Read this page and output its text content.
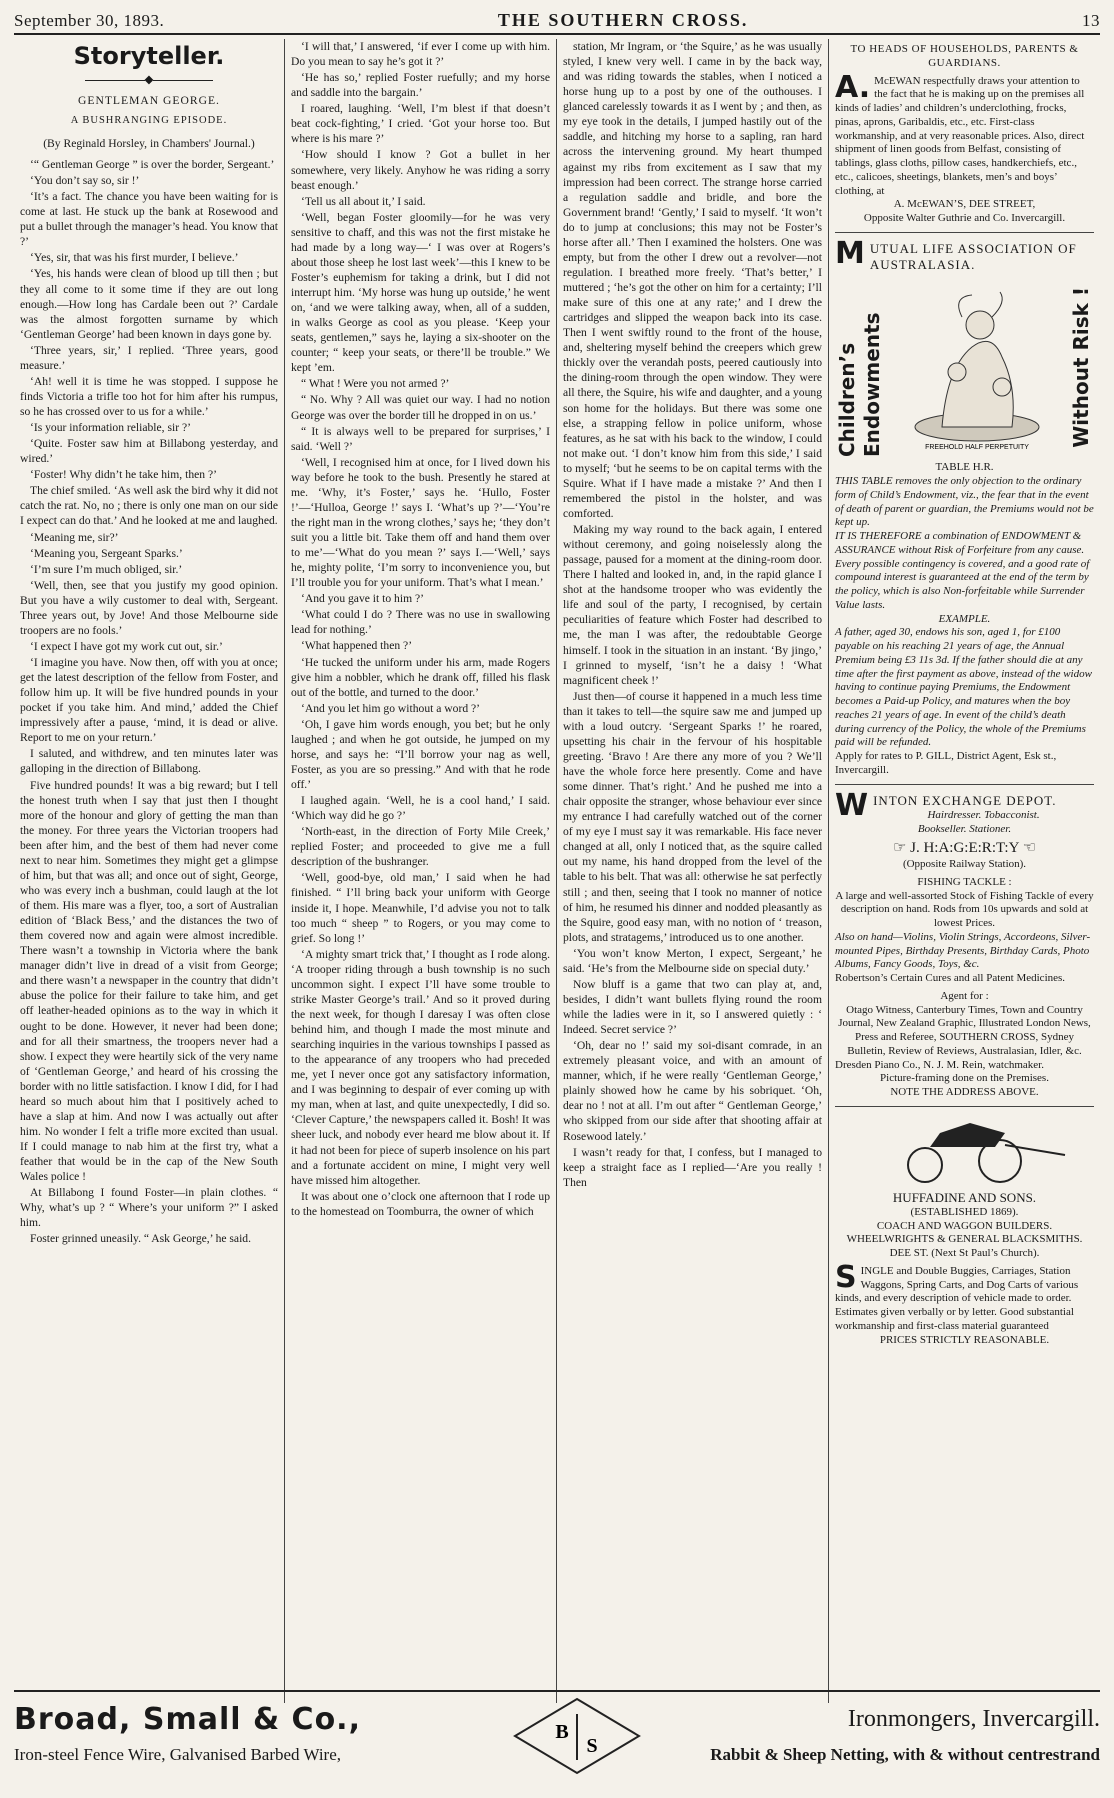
September 30, 1893.	THE SOUTHERN CROSS.	13

Storyteller.

◆

GENTLEMAN GEORGE.

A BUSHRANGING EPISODE.

(By Reginald Horsley, in Chambers' Journal.)

‘“ Gentleman George ” is over the border, Sergeant.’

‘You don’t say so, sir !’

‘It’s a fact. The chance you have been waiting for is come at last. He stuck up the bank at Rosewood and put a bullet through the manager’s head. You know that ?’

‘Yes, sir, that was his first murder, I believe.’

‘Yes, his hands were clean of blood up till then ; but they all come to it some time if they are out long enough.—How long has Cardale been out ?’ Cardale was the almost forgotten surname by which ‘Gentleman George’ had been known in days gone by.

‘Three years, sir,’ I replied. ‘Three years, good measure.’

‘Ah! well it is time he was stopped. I suppose he finds Victoria a trifle too hot for him after his rumpus, so he has crossed over to us for a while.’

‘Is your information reliable, sir ?’

‘Quite. Foster saw him at Billabong yesterday, and wired.’

‘Foster! Why didn’t he take him, then ?’

The chief smiled. ‘As well ask the bird why it did not catch the rat. No, no ; there is only one man on our side I expect can do that.’ And he looked at me and laughed.

‘Meaning me, sir?’

‘Meaning you, Sergeant Sparks.’

‘I’m sure I’m much obliged, sir.’

‘Well, then, see that you justify my good opinion. But you have a wily customer to deal with, Sergeant. Three years out, by Jove! And those Melbourne side troopers are no fools.’

‘I expect I have got my work cut out, sir.’

‘I imagine you have. Now then, off with you at once; get the latest description of the fellow from Foster, and follow him up. It will be five hundred pounds in your pocket if you take him. And mind,’ added the Chief impressively after a pause, ‘mind, it is dead or alive. Report to me on your return.’

I saluted, and withdrew, and ten minutes later was galloping in the direction of Billabong.

Five hundred pounds! It was a big reward; but I tell the honest truth when I say that just then I thought more of the honour and glory of getting the man than the money. For three years the Victorian troopers had been after him, and the best of them had never come next to near him. Sometimes they might get a glimpse of him, but that was all; and once out of sight, George, who was every inch a bushman, could laugh at the lot of them. His mare was a flyer, too, a sort of Australian edition of ‘Black Bess,’ and the distances the two of them covered now and again were almost incredible. There wasn’t a township in Victoria where the bank manager didn’t live in dread of a visit from George; and there wasn’t a newspaper in the country that didn’t abuse the police for their failure to take him, and get off leather-headed opinions as to the way in which it ought to be done. However, it never had been done; and for all their smartness, the troopers never had a show. I expect they were heartily sick of the very name of ‘Gentleman George,’ and heard of his crossing the border with no little satisfaction. I know I did, for I had heard so much about him that I positively ached to have a slap at him. And now I was actually out after him. No wonder I felt a trifle more excited than usual. If I could manage to nab him at the first try, what a feather that would be in the cap of the New South Wales police !

At Billabong I found Foster—in plain clothes. “ Why, what’s up ? “ Where’s your uniform ?” I asked him.

Foster grinned uneasily. “ Ask George,’ he said.

‘I will that,’ I answered, ‘if ever I come up with him. Do you mean to say he’s got it ?’

‘He has so,’ replied Foster ruefully; and my horse and saddle into the bargain.’

I roared, laughing. ‘Well, I’m blest if that doesn’t beat cock-fighting,’ I cried. ‘Got your horse too. But where is his mare ?’

‘How should I know ? Got a bullet in her somewhere, very likely. Anyhow he was riding a sorry beast enough.’

‘Tell us all about it,’ I said.

‘Well, began Foster gloomily—for he was very sensitive to chaff, and this was not the first mistake he had made by a long way—‘ I was over at Rogers’s about those sheep he lost last week’—this I knew to be Foster’s euphemism for taking a drink, but I did not interrupt him. ‘My horse was hung up outside,’ he went on, ‘and we were talking away, when, all of a sudden, in walks George as cool as you please. ‘Keep your seats, gentlemen,” says he, laying a six-shooter on the counter; “ keep your seats, or there’ll be trouble.” We kept ’em.

“ What ! Were you not armed ?’

“ No. Why ? All was quiet our way. I had no notion George was over the border till he dropped in on us.’

“ It is always well to be prepared for surprises,’ I said. ‘Well ?’

‘Well, I recognised him at once, for I lived down his way before he took to the bush. Presently he stared at me. ‘Why, it’s Foster,’ says he. ‘Hullo, Foster !’—‘Hulloa, George !’ says I. ‘What’s up ?’—‘You’re the right man in the wrong clothes,’ says he; ‘they don’t suit you a little bit. Take them off and hand them over to me’—‘What do you mean ?’ says I.—‘Well,’ says he, mighty polite, ‘I’m sorry to inconvenience you, but I’ll trouble you for your uniform. That’s what I mean.’

‘And you gave it to him ?’

‘What could I do ? There was no use in swallowing lead for nothing.’

‘What happened then ?’

‘He tucked the uniform under his arm, made Rogers give him a nobbler, which he drank off, filled his flask out of the bottle, and turned to the door.’

‘And you let him go without a word ?’

‘Oh, I gave him words enough, you bet; but he only laughed ; and when he got outside, he jumped on my horse, and says he: “I’ll borrow your nag as well, Foster, as you are so pressing.” And with that he rode off.’

I laughed again. ‘Well, he is a cool hand,’ I said. ‘Which way did he go ?’

‘North-east, in the direction of Forty Mile Creek,’ replied Foster; and proceeded to give me a full description of the bushranger.

‘Well, good-bye, old man,’ I said when he had finished. “ I’ll bring back your uniform with George inside it, I hope. Meanwhile, I’d advise you not to talk too much “ sheep ” to Rogers, or you may come to grief. So long !’

‘A mighty smart trick that,’ I thought as I rode along. ‘A trooper riding through a bush township is no such uncommon sight. I expect I’ll have some trouble to strike Master George’s trail.’ And so it proved during the next week, for though I daresay I was often close behind him, and though I made the most minute and searching inquiries in the various townships I passed as to the appearance of any troopers who had preceded me, yet I never once got any satisfactory information, and I was beginning to despair of ever coming up with my man, when at last, and quite unexpectedly, I did so. ‘Clever Capture,’ the newspapers called it. Bosh! It was sheer luck, and nobody ever heard me blow about it. If it had not been for piece of superb insolence on his part and a fortunate accident on mine, I might very well have missed him altogether.

It was about one o’clock one afternoon that I rode up to the homestead on Toomburra, the owner of which

station, Mr Ingram, or ‘the Squire,’ as he was usually styled, I knew very well. I came in by the back way, and was riding towards the stables, when I noticed a horse hung up to a post by one of the outhouses. I glanced carelessly towards it as I went by ; and then, as my eye took in the details, I jumped hastily out of the saddle, and hitching my horse to a sapling, ran hard across the intervening ground. My heart thumped against my ribs from excitement as I saw that my impression had been correct. The strange horse carried a regulation saddle and bridle, and bore the Government brand! ‘Gently,’ I said to myself. ‘It won’t do to jump at conclusions; this may not be Foster’s horse after all.’ Then I examined the holsters. One was empty, but from the other I drew out a revolver—not regulation. I breathed more freely. ‘That’s better,’ I muttered ; ‘he’s got the other on him for a certainty; I’ll make sure of this one at any rate;’ and I drew the cartridges and slipped the weapon back into its case. Then I went swiftly round to the front of the house, and, sheltering myself behind the creepers which grew thickly over the verandah posts, peered cautiously into the dining-room through the open window. They were all there, the Squire, his wife and daughter, and a young son home for the holidays. But there was some one else, a strapping fellow in police uniform, whose features, as he sat with his back to the window, I could not make out. ‘I don’t know him from this side,’ I said to myself; ‘but he seems to be on capital terms with the Squire. What if I have made a mistake ?’ And then I remembered the pistol in the holster, and was comforted.

Making my way round to the back again, I entered without ceremony, and going noiselessly along the passage, paused for a moment at the dining-room door. There I halted and looked in, and, in the rapid glance I shot at the handsome trooper who was evidently the life and soul of the party, I recognised, by certain peculiarities of feature which Foster had described to me, the man I was after, the redoubtable George himself. I took in the situation in an instant. ‘By jingo,’ I grinned to myself, ‘isn’t he a daisy ! ‘What magnificent cheek !’

Just then—of course it happened in a much less time than it takes to tell—the squire saw me and jumped up with a loud outcry. ‘Sergeant Sparks !’ he roared, upsetting his chair in the fervour of his hospitable greeting. ‘Bravo ! Are there any more of you ? We’ll have the whole force here presently. Come and have some dinner. That’s right.’ And he pushed me into a chair opposite the stranger, whose behaviour ever since my entrance I had carefully watched out of the corner of my eye I must say it was remarkable. His face never changed at all, only I noticed that, as the squire called out my name, his hand dropped from the level of the table to his belt. That was all: otherwise he sat perfectly still ; and then, seeing that I took no manner of notice of him, he resumed his dinner and nodded pleasantly as the Squire, good easy man, with no notion of ‘ treason, plots, and stratagems,’ introduced us to one another.

‘You won’t know Merton, I expect, Sergeant,’ he said. ‘He’s from the Melbourne side on special duty.’

Now bluff is a game that two can play at, and, besides, I didn’t want bullets flying round the room while the ladies were in it, so I answered quietly : ‘ Indeed. Secret service ?’

‘Oh, dear no !’ said my soi-disant comrade, in an extremely pleasant voice, and with an amount of manner, which, if he were really ‘Gentleman George,’ plainly showed how he came by his sobriquet. ‘Oh, dear no ! not at all. I’m out after “ Gentleman George,’ who skipped from our side after that shooting affair at Rosewood lately.’

I wasn’t ready for that, I confess, but I managed to keep a straight face as I replied—‘Are you really ! Then

TO HEADS OF HOUSEHOLDS, PARENTS & GUARDIANS.
A. McEWAN respectfully draws your attention to the fact that he is making up on the premises all kinds of ladies’ and children’s underclothing, frocks, pinas, aprons, Garibaldis, etc., etc. First-class workmanship, and at very reasonable prices. Also, direct shipment of linen goods from Belfast, consisting of tablings, glass cloths, pillow cases, handkerchiefs, etc., etc., calicoes, sheetings, blankets, men’s and boys’ clothing, at
A. McEWAN’S, DEE STREET,
Opposite Walter Guthrie and Co. Invercargill.
M UTUAL LIFE ASSOCIATION OF AUSTRALASIA.
Children’s Endowments	FREEHOLD HALF PERPETUITY
Without Risk !
TABLE H.R.
THIS TABLE removes the only objection to the ordinary form of Child’s Endowment, viz., the fear that in the event of death of parent or guardian, the Premiums would not be kept up.
IT IS THEREFORE a combination of ENDOWMENT & ASSURANCE without Risk of Forfeiture from any cause. Every possible contingency is covered, and a good rate of compound interest is guaranteed at the end of the term by the policy, which is also Non-forfeitable while Surrender Value lasts.
EXAMPLE.
A father, aged 30, endows his son, aged 1, for £100 payable on his reaching 21 years of age, the Annual Premium being £3 11s 3d. If the father should die at any time after the first payment as above, instead of the widow having to continue paying Premiums, the Endowment becomes a Paid-up Policy, and matures when the boy reaches 21 years of age. In event of the child’s death during currency of the Policy, the whole of the Premiums paid will be refunded.
Apply for rates to P. GILL, District Agent, Esk st., Invercargill.
W INTON EXCHANGE DEPOT.
Hairdresser. Tobacconist.
Bookseller. Stationer.
☞ J. H:A:G:E:R:T:Y ☜
(Opposite Railway Station).
FISHING TACKLE :
A large and well-assorted Stock of Fishing Tackle of every description on hand. Rods from 10s upwards and sold at lowest Prices.
Also on hand—Violins, Violin Strings, Accordeons, Silver-mounted Pipes, Birthday Presents, Birthday Cards, Photo Albums, Fancy Goods, Toys, &c.
Robertson’s Certain Cures and all Patent Medicines.
Agent for :
Otago Witness, Canterbury Times, Town and Country Journal, New Zealand Graphic, Illustrated London News, Press and Referee, SOUTHERN CROSS, Sydney Bulletin, Review of Reviews, Australasian, Idler, &c.
Dresden Piano Co., N. J. M. Rein, watchmaker.
Picture-framing done on the Premises.
NOTE THE ADDRESS ABOVE.
HUFFADINE AND SONS.
(ESTABLISHED 1869).
COACH AND WAGGON BUILDERS. WHEELWRIGHTS & GENERAL BLACKSMITHS.
DEE ST. (Next St Paul’s Church).
S INGLE and Double Buggies, Carriages, Station Waggons, Spring Carts, and Dog Carts of various kinds, and every description of vehicle made to order. Estimates given verbally or by letter. Good substantial workmanship and first-class material guaranteed
PRICES STRICTLY REASONABLE.
Broad, Small & Co.,	Ironmongers, Invercargill.
B
S
Iron-steel Fence Wire, Galvanised Barbed Wire,	Rabbit & Sheep Netting, with & without centrestrand
